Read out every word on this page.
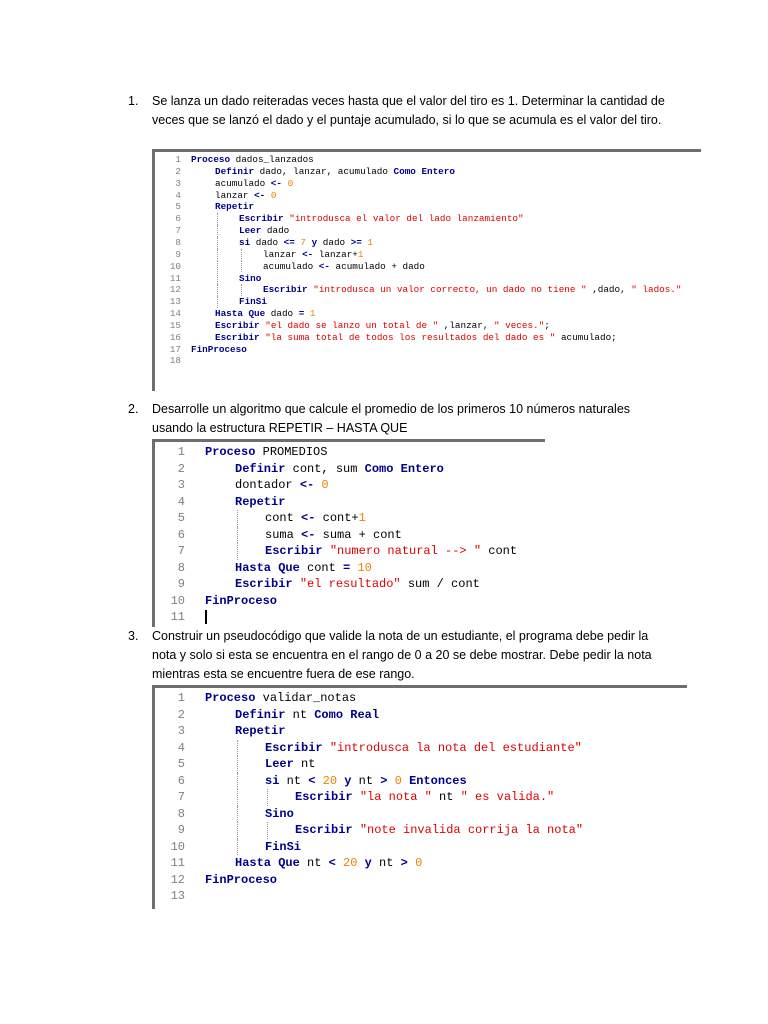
1. Se lanza un dado reiteradas veces hasta que el valor del tiro es 1. Determinar la cantidad de veces que se lanzó el dado y el puntaje acumulado, si lo que se acumula es el valor del tiro.
1 Proceso dados_lanzados
2	Definir dado, lanzar, acumulado Como Entero
3	acumulado <- 0
4	lanzar <- 0
5	Repetir
6	Escribir "introdusca el valor del lado lanzamiento"
7	Leer dado
8	si dado <= 7 y dado >= 1
9	lanzar <- lanzar+1
10	acumulado <- acumulado + dado
11	Sino
12	Escribir "introdusca un valor correcto, un dado no tiene " ,dado, " lados."
13	FinSi
14	Hasta Que dado = 1
15	Escribir "el dado se lanzo un total de " ,lanzar, " veces.";
16	Escribir "la suma total de todos los resultados del dado es " acumulado;
17 FinProceso
18
2. Desarrolle un algoritmo que calcule el promedio de los primeros 10 números naturales usando la estructura REPETIR – HASTA QUE
1 Proceso PROMEDIOS
2	Definir cont, sum Como Entero
3	dontador <- 0
4	Repetir
5	cont <- cont+1
6	suma <- suma + cont
7	Escribir "numero natural --> " cont
8	Hasta Que cont = 10
9	Escribir "el resultado" sum / cont
10 FinProceso
11
3. Construir un pseudocódigo que valide la nota de un estudiante, el programa debe pedir la nota y solo si esta se encuentra en el rango de 0 a 20 se debe mostrar. Debe pedir la nota mientras esta se encuentre fuera de ese rango.
1 Proceso validar_notas
2	Definir nt Como Real
3	Repetir
4	Escribir "introdusca la nota del estudiante"
5	Leer nt
6	si nt < 20 y nt > 0 Entonces
7	Escribir "la nota " nt " es valida."
8	Sino
9	Escribir "note invalida corrija la nota"
10	FinSi
11	Hasta Que nt < 20 y nt > 0
12 FinProceso
13
